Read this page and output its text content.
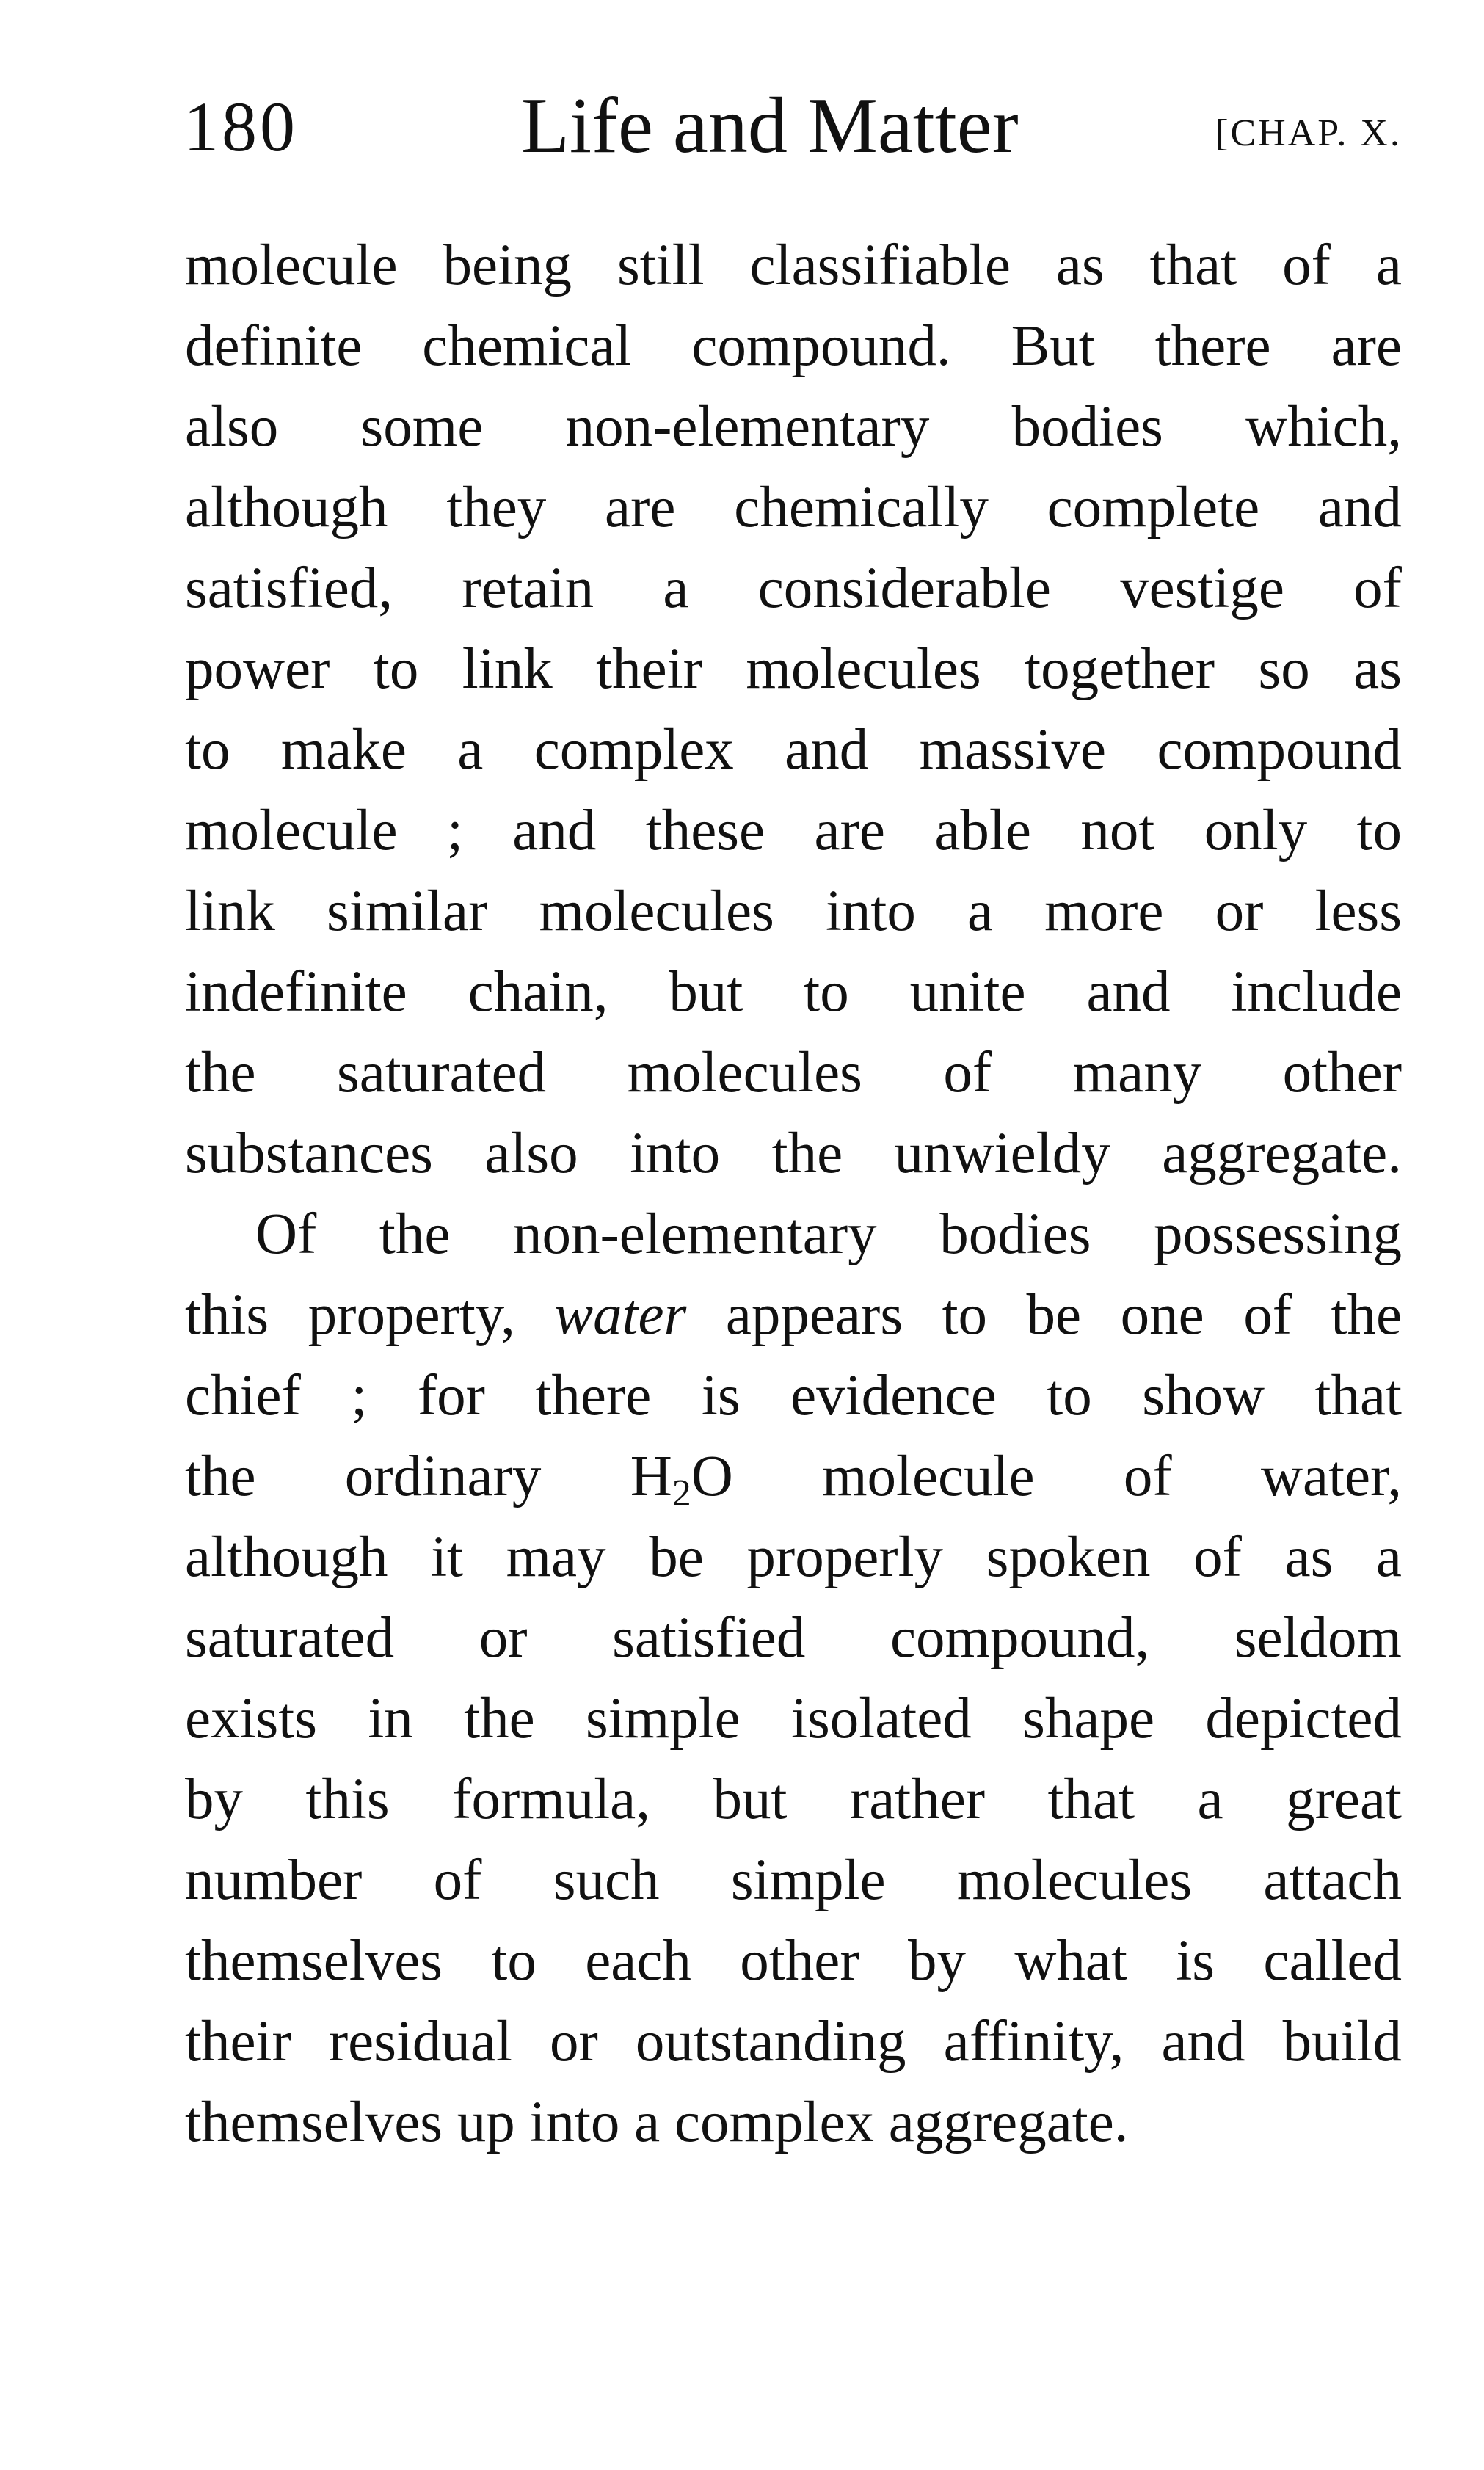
180	Life and Matter	[CHAP. X.
molecule being still classifiable as that of a
definite chemical compound. But there are
also some non-elementary bodies which,
although they are chemically complete and
satisfied, retain a considerable vestige of
power to link their molecules together so as
to make a complex and massive compound
molecule ; and these are able not only to
link similar molecules into a more or less
indefinite chain, but to unite and include
the saturated molecules of many other
substances also into the unwieldy aggregate.
Of the non-elementary bodies possessing
this property, water appears to be one of the
chief ; for there is evidence to show that
the ordinary $H_2O$ molecule of water,
although it may be properly spoken of as a
saturated or satisfied compound, seldom
exists in the simple isolated shape depicted
by this formula, but rather that a great
number of such simple molecules attach
themselves to each other by what is called
their residual or outstanding affinity, and build
themselves up into a complex aggregate.
